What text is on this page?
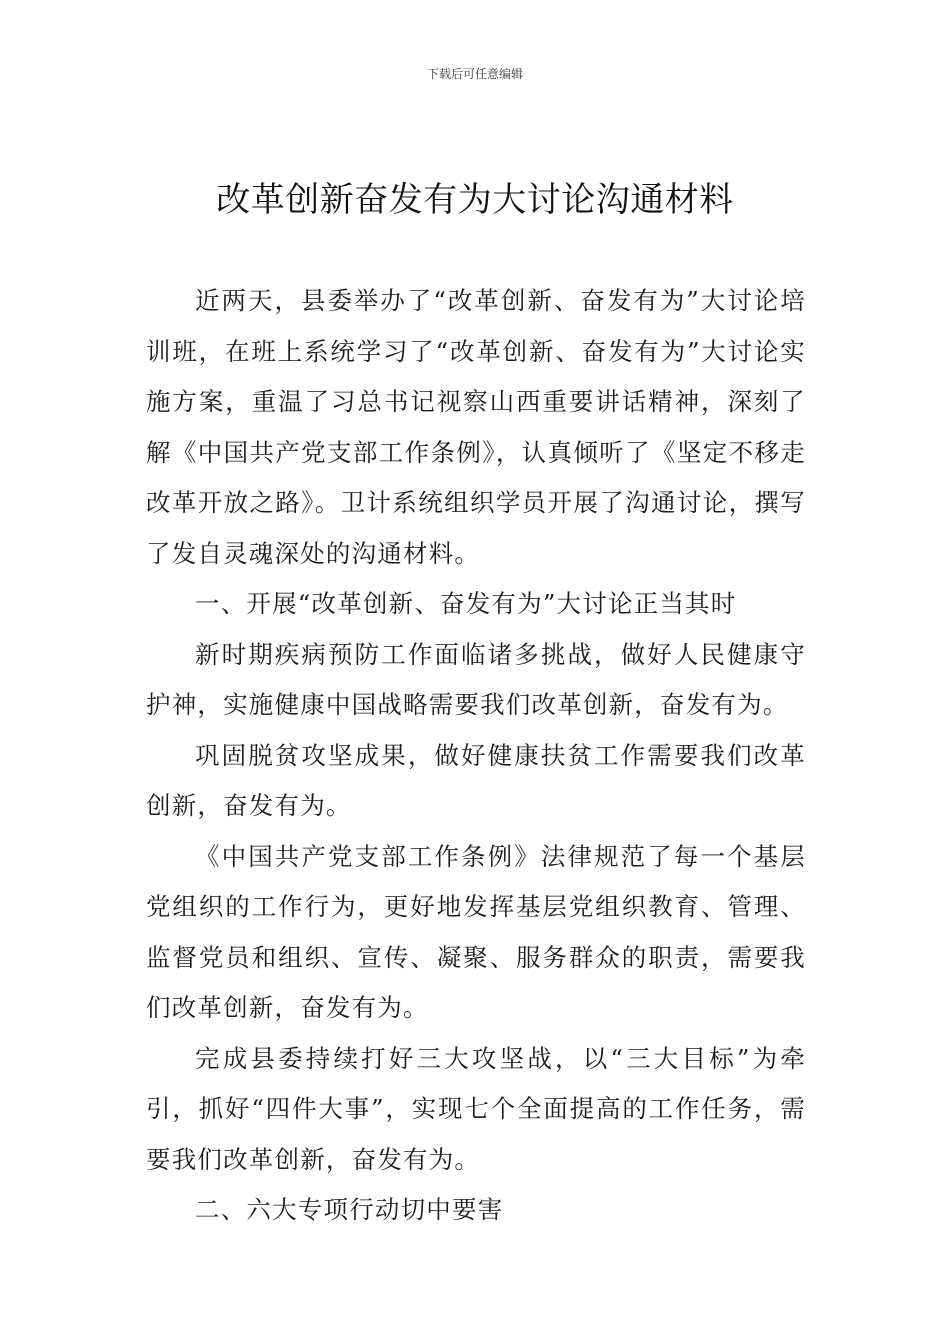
下载后可任意编辑
改革创新奋发有为大讨论沟通材料

近两天，县委举办了“改革创新、奋发有为”大讨论培训班，在班上系统学习了“改革创新、奋发有为”大讨论实施方案，重温了习总书记视察山西重要讲话精神，深刻了解《中国共产党支部工作条例》，认真倾听了《坚定不移走改革开放之路》。卫计系统组织学员开展了沟通讨论，撰写了发自灵魂深处的沟通材料。

一、开展“改革创新、奋发有为”大讨论正当其时

新时期疾病预防工作面临诸多挑战，做好人民健康守护神，实施健康中国战略需要我们改革创新，奋发有为。

巩固脱贫攻坚成果，做好健康扶贫工作需要我们改革创新，奋发有为。

《中国共产党支部工作条例》法律规范了每一个基层党组织的工作行为，更好地发挥基层党组织教育、管理、监督党员和组织、宣传、凝聚、服务群众的职责，需要我们改革创新，奋发有为。

完成县委持续打好三大攻坚战，以“三大目标”为牵引，抓好“四件大事”，实现七个全面提高的工作任务，需要我们改革创新，奋发有为。

二、六大专项行动切中要害
